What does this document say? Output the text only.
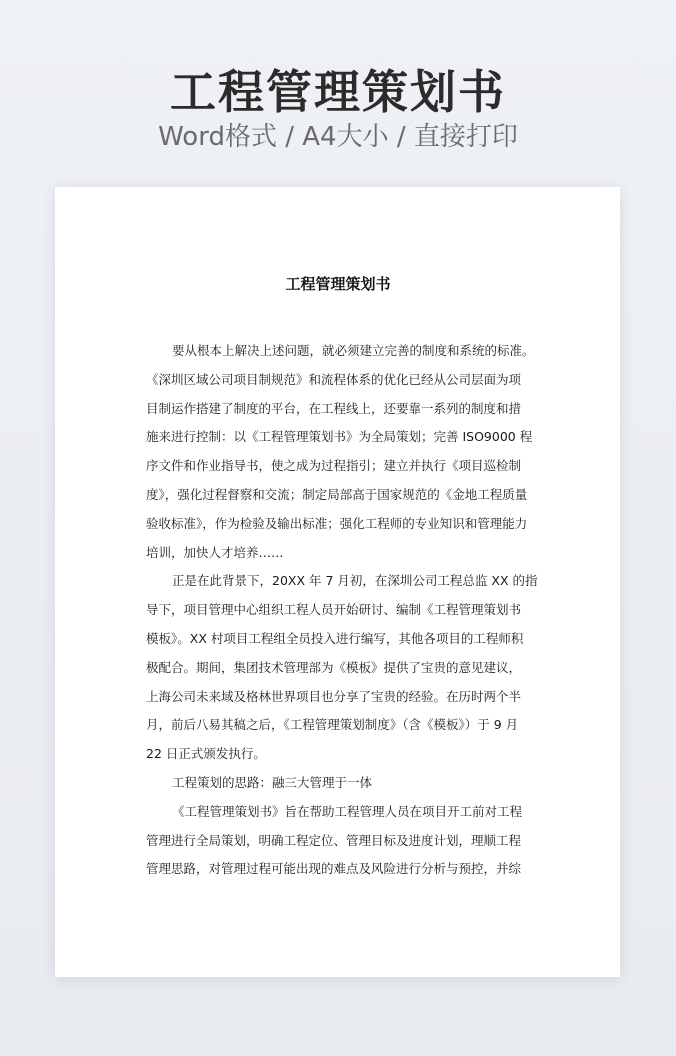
工程管理策划书
Word格式 / A4大小 / 直接打印
工程管理策划书
要从根本上解决上述问题，就必须建立完善的制度和系统的标准。
《深圳区域公司项目制规范》和流程体系的优化已经从公司层面为项
目制运作搭建了制度的平台，在工程线上，还要靠一系列的制度和措
施来进行控制：以《工程管理策划书》为全局策划；完善 ISO9000 程
序文件和作业指导书，使之成为过程指引；建立并执行《项目巡检制
度》，强化过程督察和交流；制定局部高于国家规范的《金地工程质量
验收标准》，作为检验及输出标准；强化工程师的专业知识和管理能力
培训，加快人才培养……
正是在此背景下，20XX 年 7 月初，在深圳公司工程总监 XX 的指
导下，项目管理中心组织工程人员开始研讨、编制《工程管理策划书
模板》。XX 村项目工程组全员投入进行编写，其他各项目的工程师积
极配合。期间，集团技术管理部为《模板》提供了宝贵的意见建议，
上海公司未来域及格林世界项目也分享了宝贵的经验。在历时两个半
月，前后八易其稿之后，《工程管理策划制度》（含《模板》）于 9 月
22 日正式颁发执行。
工程策划的思路：融三大管理于一体
《工程管理策划书》旨在帮助工程管理人员在项目开工前对工程
管理进行全局策划，明确工程定位、管理目标及进度计划，理顺工程
管理思路，对管理过程可能出现的难点及风险进行分析与预控，并综
